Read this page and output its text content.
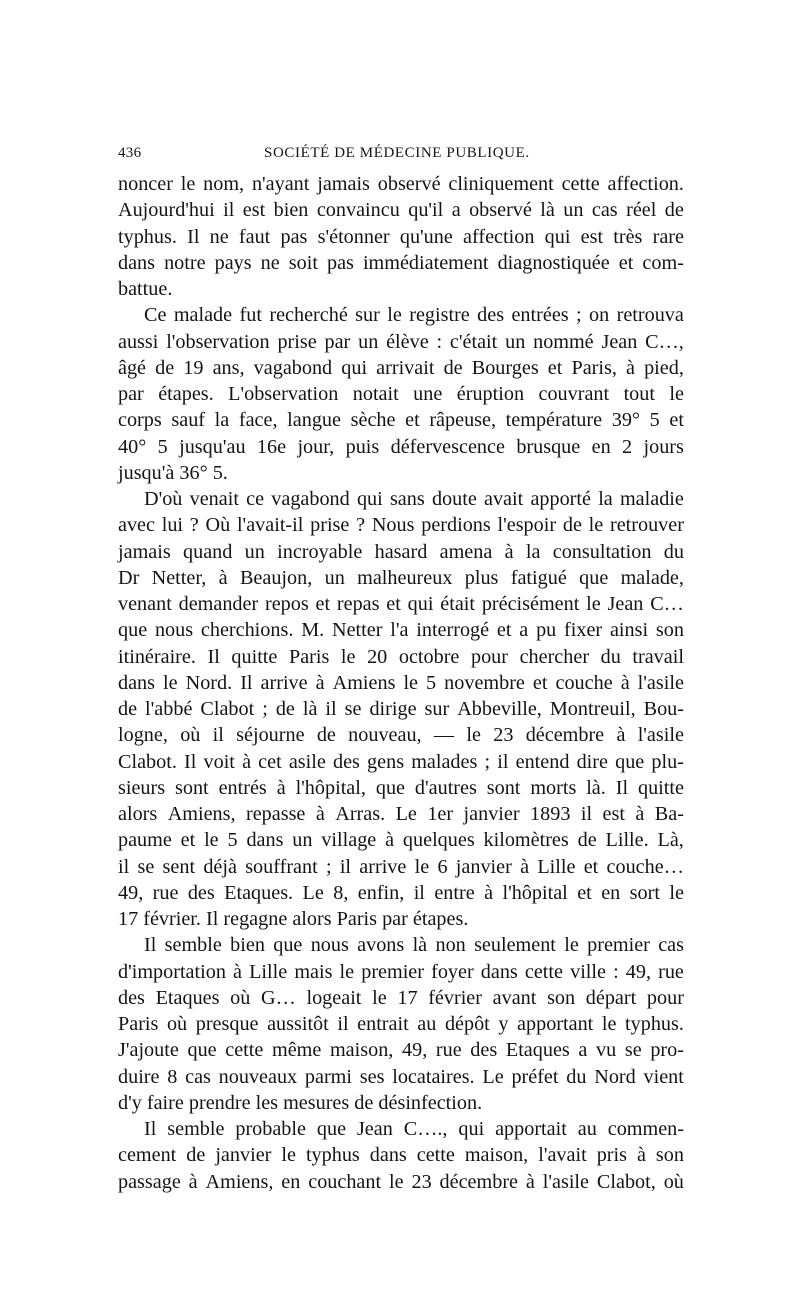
436	SOCIÉTÉ DE MÉDECINE PUBLIQUE.
noncer le nom, n'ayant jamais observé cliniquement cette affection.
Aujourd'hui il est bien convaincu qu'il a observé là un cas réel de
typhus. Il ne faut pas s'étonner qu'une affection qui est très rare
dans notre pays ne soit pas immédiatement diagnostiquée et com-
battue.
Ce malade fut recherché sur le registre des entrées ; on retrouva
aussi l'observation prise par un élève : c'était un nommé Jean C…,
âgé de 19 ans, vagabond qui arrivait de Bourges et Paris, à pied,
par étapes. L'observation notait une éruption couvrant tout le
corps sauf la face, langue sèche et râpeuse, température 39° 5 et
40° 5 jusqu'au 16e jour, puis défervescence brusque en 2 jours
jusqu'à 36° 5.
D'où venait ce vagabond qui sans doute avait apporté la maladie
avec lui ? Où l'avait-il prise ? Nous perdions l'espoir de le retrouver
jamais quand un incroyable hasard amena à la consultation du
Dr Netter, à Beaujon, un malheureux plus fatigué que malade,
venant demander repos et repas et qui était précisément le Jean C…
que nous cherchions. M. Netter l'a interrogé et a pu fixer ainsi son
itinéraire. Il quitte Paris le 20 octobre pour chercher du travail
dans le Nord. Il arrive à Amiens le 5 novembre et couche à l'asile
de l'abbé Clabot ; de là il se dirige sur Abbeville, Montreuil, Bou-
logne, où il séjourne de nouveau, — le 23 décembre à l'asile
Clabot. Il voit à cet asile des gens malades ; il entend dire que plu-
sieurs sont entrés à l'hôpital, que d'autres sont morts là. Il quitte
alors Amiens, repasse à Arras. Le 1er janvier 1893 il est à Ba-
paume et le 5 dans un village à quelques kilomètres de Lille. Là,
il se sent déjà souffrant ; il arrive le 6 janvier à Lille et couche…
49, rue des Etaques. Le 8, enfin, il entre à l'hôpital et en sort le
17 février. Il regagne alors Paris par étapes.
Il semble bien que nous avons là non seulement le premier cas
d'importation à Lille mais le premier foyer dans cette ville : 49, rue
des Etaques où G… logeait le 17 février avant son départ pour
Paris où presque aussitôt il entrait au dépôt y apportant le typhus.
J'ajoute que cette même maison, 49, rue des Etaques a vu se pro-
duire 8 cas nouveaux parmi ses locataires. Le préfet du Nord vient
d'y faire prendre les mesures de désinfection.
Il semble probable que Jean C…., qui apportait au commen-
cement de janvier le typhus dans cette maison, l'avait pris à son
passage à Amiens, en couchant le 23 décembre à l'asile Clabot, où
